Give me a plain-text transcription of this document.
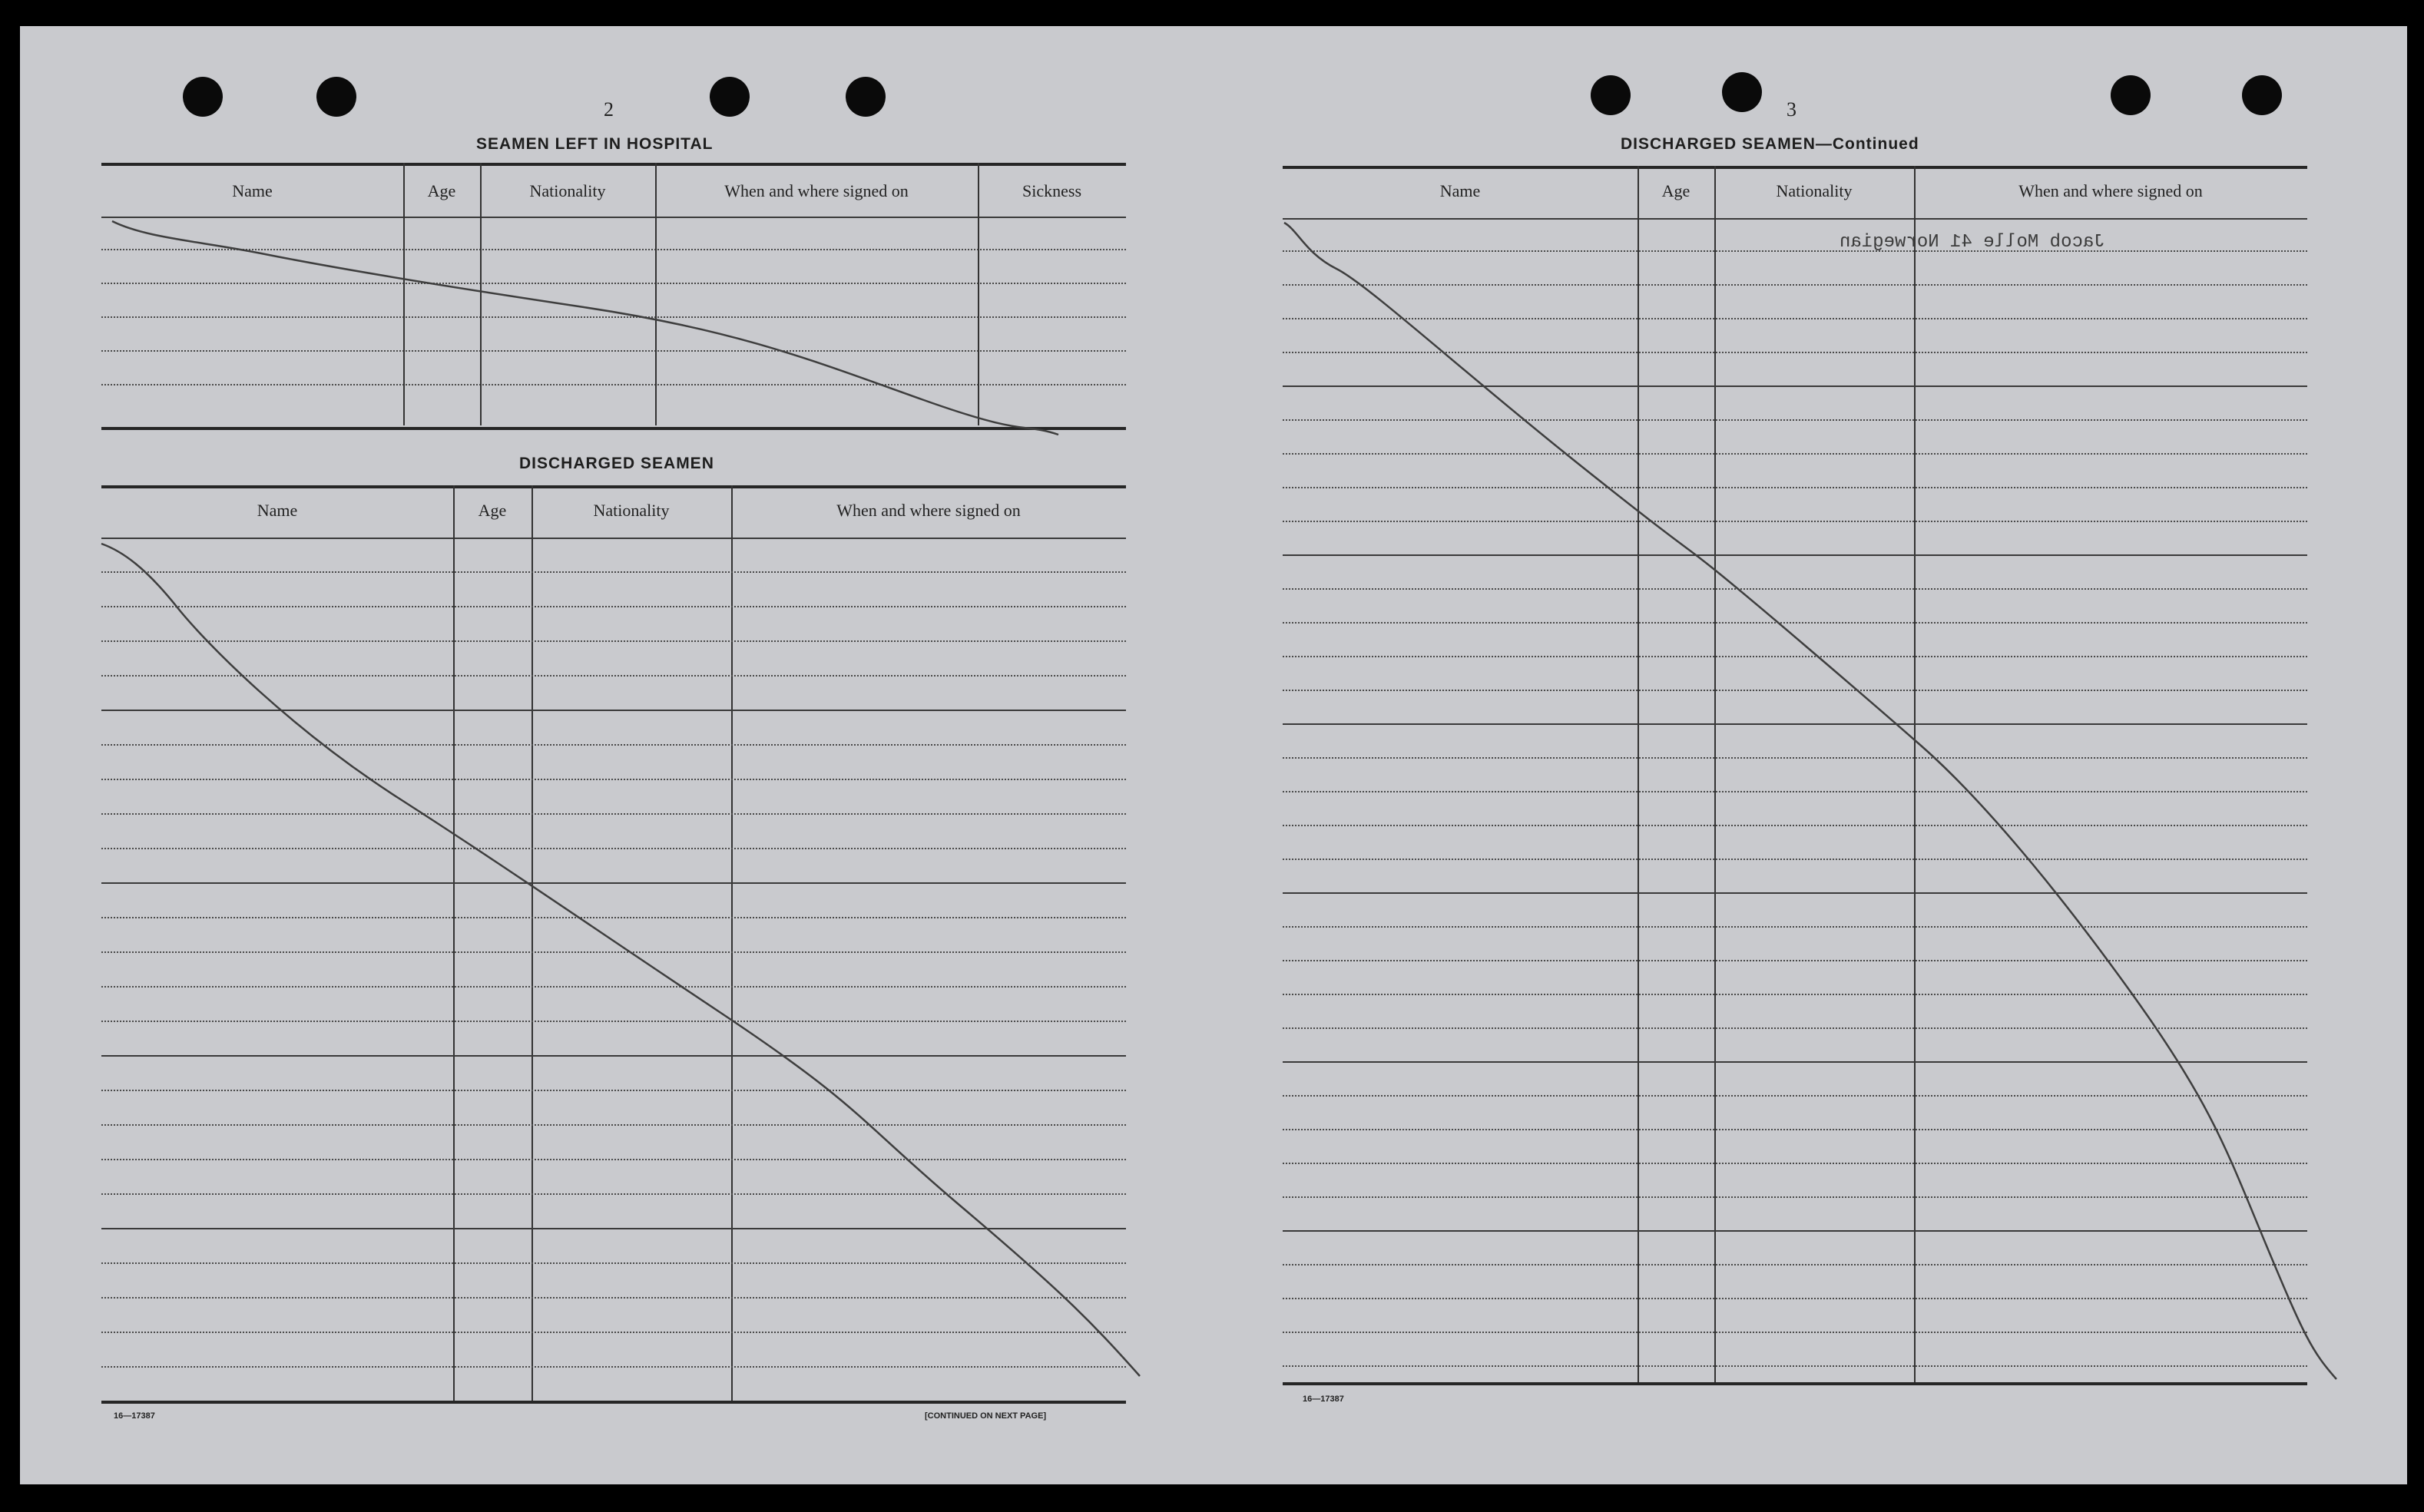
2
SEAMEN LEFT IN HOSPITAL
Name	Age	Nationality	When and where signed on	Sickness
DISCHARGED SEAMEN
Name	Age	Nationality	When and where signed on
16—17387	[CONTINUED ON NEXT PAGE]
3
DISCHARGED SEAMEN—Continued
Name	Age	Nationality	When and where signed on
Jacob Molle 41 Norwegian
16—17387
